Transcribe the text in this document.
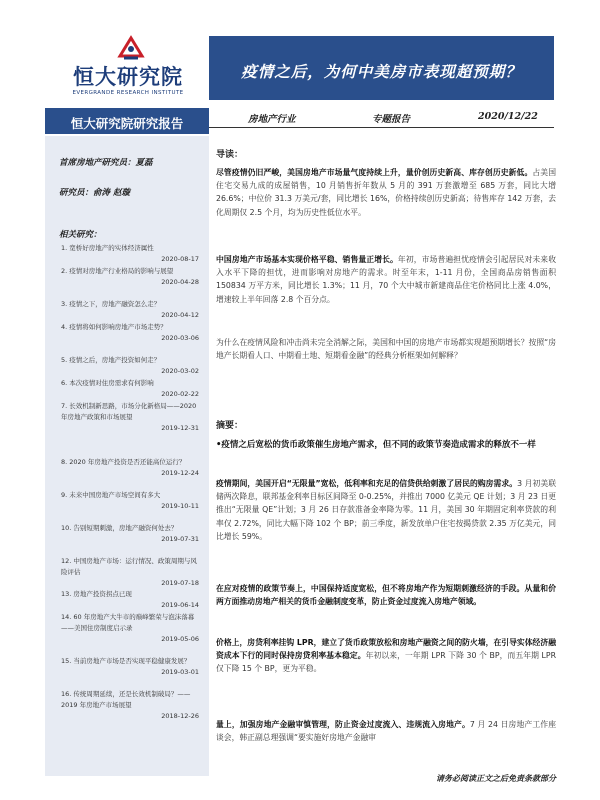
恒大研究院
EVERGRANDE RESEARCH INSTITUTE
疫情之后，为何中美房市表现超预期？
恒大研究院研究报告	房地产行业	专题报告	2020/12/22
首席房地产研究员：夏磊
研究员：俞涛 赵璇
相关研究：
1. 宽桥好房地产的实体经济属性
2020-08-17
2. 疫情对房地产行业格局的影响与展望
2020-04-28
3. 疫情之下，房地产融资怎么走？
2020-04-12
4. 疫情将如何影响房地产市场走势？
2020-03-06
5. 疫情之后，房地产投资如何走？
2020-03-02
6. 本次疫情对住房需求有何影响
2020-02-22
7. 长效机制新思路，市场分化新格局——2020 年房地产政策和市场展望
2019-12-31
8. 2020 年房地产投资是否还能高位运行？
2019-12-24
9. 未来中国房地产市场空间有多大
2019-10-11
10. 告别短期刺激，房地产融资何处去？
2019-07-31
12. 中国房地产市场：运行情况、政策周期与风险评估
2019-07-18
13. 房地产投资拐点已现
2019-06-14
14. 60 年房地产大牛市的巅峰繁荣与泡沫落幕——美国住房制度启示录
2019-05-06
15. 当前房地产市场是否实现平稳健康发展？
2019-03-01
16. 传统周期延续，还是长效机制破局？——2019 年房地产市场展望
2018-12-26
导读：
尽管疫情仍旧严峻，美国房地产市场量气度持续上升，量价创历史新高、库存创历史新低。占美国住宅交易九成的成屋销售，10 月销售折年数从 5 月的 391 万套激增至 685 万套，同比大增 26.6%；中位价 31.3 万美元/套，同比增长 16%，价格持续创历史新高；待售库存 142 万套，去化周期仅 2.5 个月，均为历史性低位水平。
中国房地产市场基本实现价格平稳、销售量正增长。年初，市场普遍担忧疫情会引起居民对未来收入水平下降的担忧，进而影响对房地产的需求。时至年末，1-11 月份，全国商品房销售面积 150834 万平方米，同比增长 1.3%；11 月，70 个大中城市新建商品住宅价格同比上涨 4.0%，增速较上半年回落 2.8 个百分点。
为什么在疫情风险和冲击尚未完全消解之际，美国和中国的房地产市场都实现超预期增长？按照“房地产长期看人口、中期看土地、短期看金融”的经典分析框架如何解释？
摘要：
•疫情之后宽松的货币政策催生房地产需求，但不同的政策节奏造成需求的释放不一样
疫情期间，美国开启“无限量”宽松，低利率和充足的信贷供给刺激了居民的购房需求。3 月初美联储两次降息，联邦基金利率目标区间降至 0-0.25%，并推出 7000 亿美元 QE 计划；3 月 23 日更推出“无限量 QE”计划；3 月 26 日存款准备金率降为零。11 月，美国 30 年期固定利率贷款的利率仅 2.72%，同比大幅下降 102 个 BP；前三季度，新发放单户住宅按揭贷款 2.35 万亿美元，同比增长 59%。
在应对疫情的政策节奏上，中国保持适度宽松，但不将房地产作为短期刺激经济的手段。从量和价两方面推动房地产相关的货币金融制度变革，防止资金过度流入房地产领域。
价格上，房贷利率挂钩 LPR，建立了货币政策放松和房地产融资之间的防火墙，在引导实体经济融资成本下行的同时保持房贷利率基本稳定。年初以来，一年期 LPR 下降 30 个 BP，而五年期 LPR 仅下降 15 个 BP，更为平稳。
量上，加强房地产金融审慎管理，防止资金过度流入、违规流入房地产。7 月 24 日房地产工作座谈会，韩正副总理强调“要实施好房地产金融审
请务必阅读正文之后免责条款部分
